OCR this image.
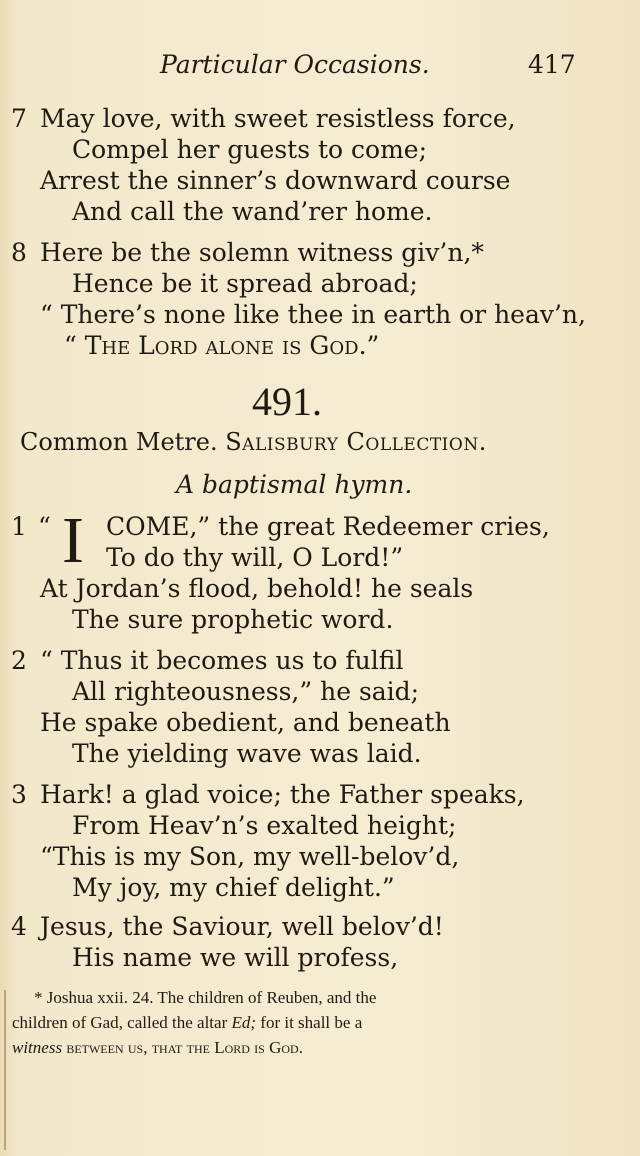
Particular Occasions.	417
7 May love, with sweet resistless force,
Compel her guests to come;
Arrest the sinner’s downward course
And call the wand’rer home.
8 Here be the solemn witness giv’n,*
Hence be it spread abroad;
“ There’s none like thee in earth or heav’n,
“ The Lord alone is God.”
491.
Common Metre. Salisbury Collection.
A baptismal hymn.
1 “ I COME,” the great Redeemer cries,
To do thy will, O Lord!”
At Jordan’s flood, behold! he seals
The sure prophetic word.
2 “ Thus it becomes us to fulfil
All righteousness,” he said;
He spake obedient, and beneath
The yielding wave was laid.
3 Hark! a glad voice; the Father speaks,
From Heav’n’s exalted height;
“This is my Son, my well-belov’d,
My joy, my chief delight.”
4 Jesus, the Saviour, well belov’d!
His name we will profess,
* Joshua xxii. 24. The children of Reuben, and the
children of Gad, called the altar Ed; for it shall be a
witness between us, that the Lord is God.
